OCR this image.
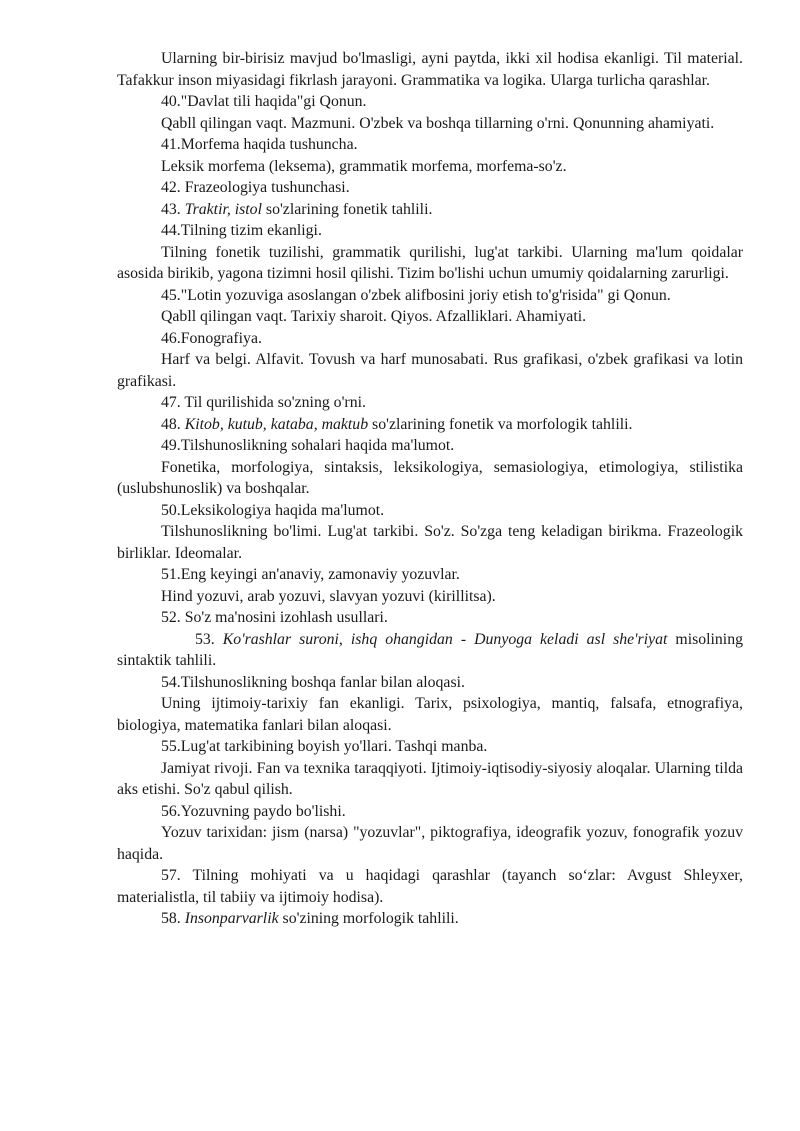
Ularning bir-birisiz mavjud bo'lmasligi, ayni paytda, ikki xil hodisa ekanligi. Til material. Tafakkur inson miyasidagi fikrlash jarayoni. Grammatika va logika. Ularga turlicha qarashlar.

40."Davlat tili haqida"gi Qonun.

Qabll qilingan vaqt. Mazmuni. O'zbek va boshqa tillarning o'rni. Qonunning ahamiyati.

41.Morfema haqida tushuncha.

Leksik morfema (leksema), grammatik morfema, morfema-so'z.

42. Frazeologiya tushunchasi.

43. Traktir, istol so'zlarining fonetik tahlili.

44.Tilning tizim ekanligi.

Tilning fonetik tuzilishi, grammatik qurilishi, lug'at tarkibi. Ularning ma'lum qoidalar asosida birikib, yagona tizimni hosil qilishi. Tizim bo'lishi uchun umumiy qoidalarning zarurligi.

45."Lotin yozuviga asoslangan o'zbek alifbosini joriy etish to'g'risida" gi Qonun.

Qabll qilingan vaqt. Tarixiy sharoit. Qiyos. Afzalliklari. Ahamiyati.

46.Fonografiya.

Harf va belgi. Alfavit. Tovush va harf munosabati. Rus grafikasi, o'zbek grafikasi va lotin grafikasi.

47. Til qurilishida so'zning o'rni.

48. Kitob, kutub, kataba, maktub so'zlarining fonetik va morfologik tahlili.

49.Tilshunoslikning sohalari haqida ma'lumot.

Fonetika, morfologiya, sintaksis, leksikologiya, semasiologiya, etimologiya, stilistika (uslubshunoslik) va boshqalar.

50.Leksikologiya haqida ma'lumot.

Tilshunoslikning bo'limi. Lug'at tarkibi. So'z. So'zga teng keladigan birikma. Frazeologik birliklar. Ideomalar.

51.Eng keyingi an'anaviy, zamonaviy yozuvlar.

Hind yozuvi, arab yozuvi, slavyan yozuvi (kirillitsa).

52. So'z ma'nosini izohlash usullari.

53. Ko'rashlar suroni, ishq ohangidan - Dunyoga keladi asl she'riyat misolining sintaktik tahlili.

54.Tilshunoslikning boshqa fanlar bilan aloqasi.

Uning ijtimoiy-tarixiy fan ekanligi. Tarix, psixologiya, mantiq, falsafa, etnografiya, biologiya, matematika fanlari bilan aloqasi.

55.Lug'at tarkibining boyish yo'llari. Tashqi manba.

Jamiyat rivoji. Fan va texnika taraqqiyoti. Ijtimoiy-iqtisodiy-siyosiy aloqalar. Ularning tilda aks etishi. So'z qabul qilish.

56.Yozuvning paydo bo'lishi.

Yozuv tarixidan: jism (narsa) "yozuvlar", piktografiya, ideografik yozuv, fonografik yozuv haqida.

57. Tilning mohiyati va u haqidagi qarashlar (tayanch so‘zlar: Avgust Shleyxer, materialistla, til tabiiy va ijtimoiy hodisa).

58. Insonparvarlik so'zining morfologik tahlili.
